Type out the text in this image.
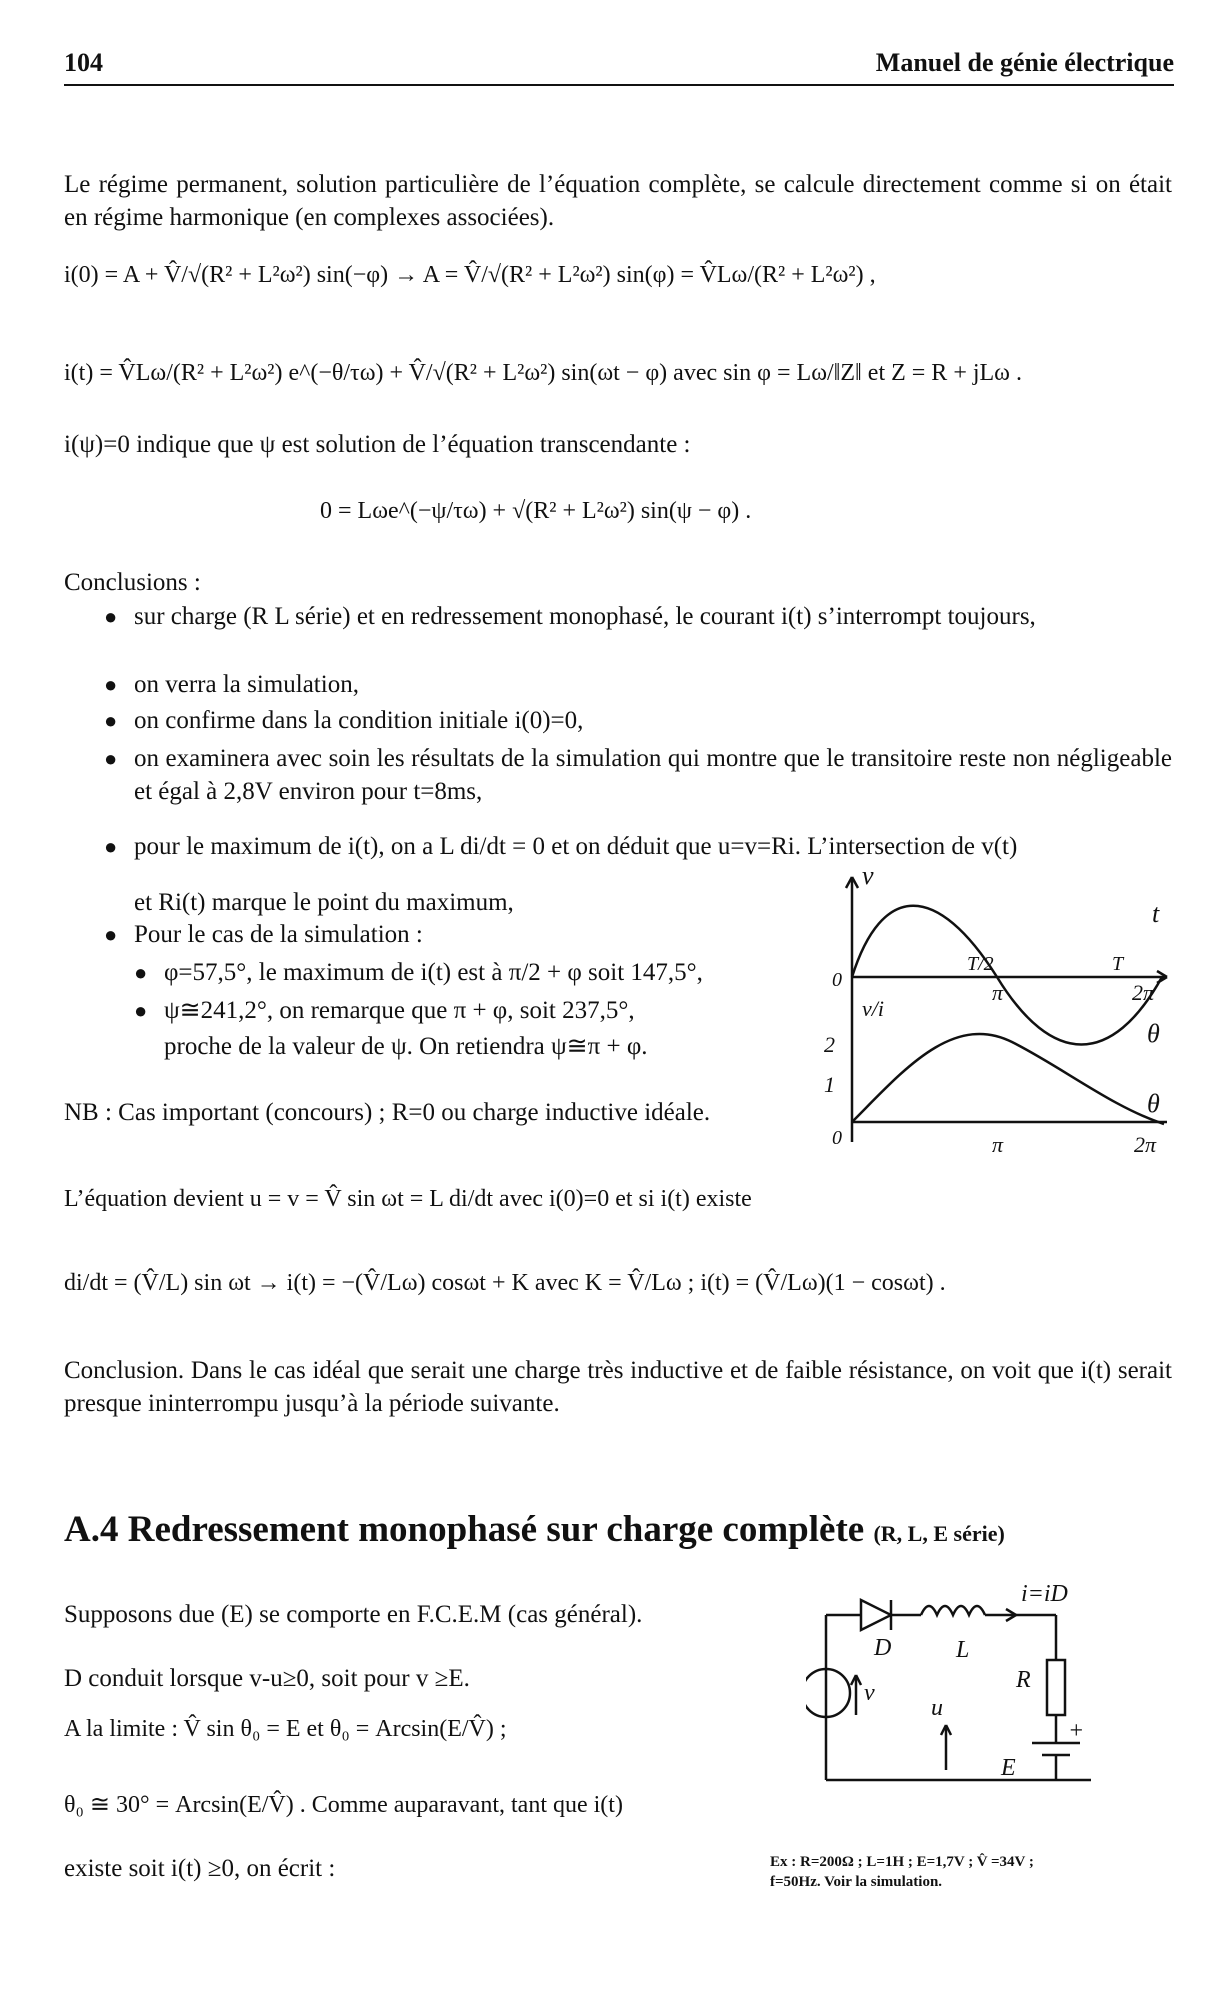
104	Manuel de génie électrique
Le régime permanent, solution particulière de l’équation complète, se calcule directement comme si on était en régime harmonique (en complexes associées).
i(0) = A + V̂/√(R² + L²ω²) sin(−φ) → A = V̂/√(R² + L²ω²) sin(φ) = V̂Lω/(R² + L²ω²) ,
i(t) = V̂Lω/(R² + L²ω²) e^(−θ/τω) + V̂/√(R² + L²ω²) sin(ωt − φ) avec sin φ = Lω/‖Z‖ et Z = R + jLω .
i(ψ)=0 indique que ψ est solution de l’équation transcendante :
0 = Lωe^(−ψ/τω) + √(R² + L²ω²) sin(ψ − φ) .
Conclusions :
● sur charge (R L série) et en redressement monophasé, le courant i(t) s’interrompt toujours,
● on verra la simulation,
● on confirme dans la condition initiale i(0)=0,
● on examinera avec soin les résultats de la simulation qui montre que le transitoire reste non négligeable et égal à 2,8V environ pour t=8ms,
● pour le maximum de i(t), on a L di/dt = 0 et on déduit que u=v=Ri. L’intersection de v(t)
et Ri(t) marque le point du maximum,
● Pour le cas de la simulation :
● φ=57,5°, le maximum de i(t) est à π/2 + φ soit 147,5°,
● ψ≅241,2°, on remarque que π + φ, soit 237,5°,
proche de la valeur de ψ. On retiendra ψ≅π + φ.
NB : Cas important (concours) ; R=0 ou charge inductive idéale.
v
t
T/2	T
π	2π
0
v/i
θ
2
1
θ
0	π	2π
L’équation devient u = v = V̂ sin ωt = L di/dt avec i(0)=0 et si i(t) existe
di/dt = (V̂/L) sin ωt → i(t) = −(V̂/Lω) cosωt + K avec K = V̂/Lω ; i(t) = (V̂/Lω)(1 − cosωt) .
Conclusion. Dans le cas idéal que serait une charge très inductive et de faible résistance, on voit que i(t) serait presque ininterrompu jusqu’à la période suivante.
A.4 Redressement monophasé sur charge complète (R, L, E série)
Supposons due (E) se comporte en F.C.E.M (cas général).
D conduit lorsque v-u≥0, soit pour v ≥E.
A la limite : V̂ sin θ₀ = E et θ₀ = Arcsin(E/V̂) ;
θ₀ ≅ 30° = Arcsin(E/V̂) . Comme auparavant, tant que i(t)
existe soit i(t) ≥0, on écrit :
i=iD
D	L
R
v
u
E
+
Ex : R=200Ω ; L=1H ; E=1,7V ; V̂ =34V ;
f=50Hz. Voir la simulation.
